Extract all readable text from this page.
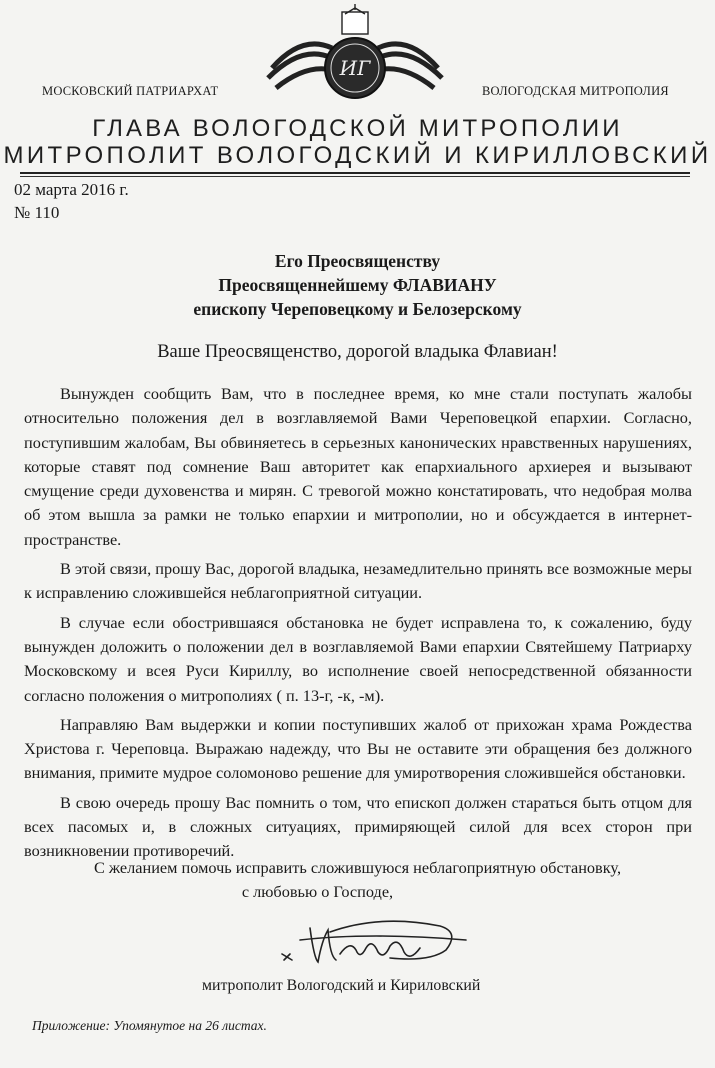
МОСКОВСКИЙ ПАТРИАРХАТ
ИГ
ВОЛОГОДСКАЯ МИТРОПОЛИЯ
ГЛАВА ВОЛОГОДСКОЙ МИТРОПОЛИИ
МИТРОПОЛИТ ВОЛОГОДСКИЙ И КИРИЛЛОВСКИЙ
02 марта 2016 г.
№ 110
Его Преосвященству
Преосвященнейшему ФЛАВИАНУ
епископу Череповецкому и Белозерскому
Ваше Преосвященство, дорогой владыка Флавиан!

Вынужден сообщить Вам, что в последнее время, ко мне стали поступать жалобы относительно положения дел в возглавляемой Вами Череповецкой епархии. Согласно, поступившим жалобам, Вы обвиняетесь в серьезных канонических нравственных нарушениях, которые ставят под сомнение Ваш авторитет как епархиального архиерея и вызывают смущение среди духовенства и мирян. С тревогой можно констатировать, что недобрая молва об этом вышла за рамки не только епархии и митрополии, но и обсуждается в интернет-пространстве.

В этой связи, прошу Вас, дорогой владыка, незамедлительно принять все возможные меры к исправлению сложившейся неблагоприятной ситуации.

В случае если обострившаяся обстановка не будет исправлена то, к сожалению, буду вынужден доложить о положении дел в возглавляемой Вами епархии Святейшему Патриарху Московскому и всея Руси Кириллу, во исполнение своей непосредственной обязанности согласно положения о митрополиях ( п. 13-г, -к, -м).

Направляю Вам выдержки и копии поступивших жалоб от прихожан храма Рождества Христова г. Череповца. Выражаю надежду, что Вы не оставите эти обращения без должного внимания, примите мудрое соломоново решение для умиротворения сложившейся обстановки.

В свою очередь прошу Вас помнить о том, что епископ должен стараться быть отцом для всех пасомых и, в сложных ситуациях, примиряющей силой для всех сторон при возникновении противоречий.

С желанием помочь исправить сложившуюся неблагоприятную обстановку,
с любовью о Господе,
митрополит Вологодский и Кириловский
Приложение: Упомянутое на 26 листах.
